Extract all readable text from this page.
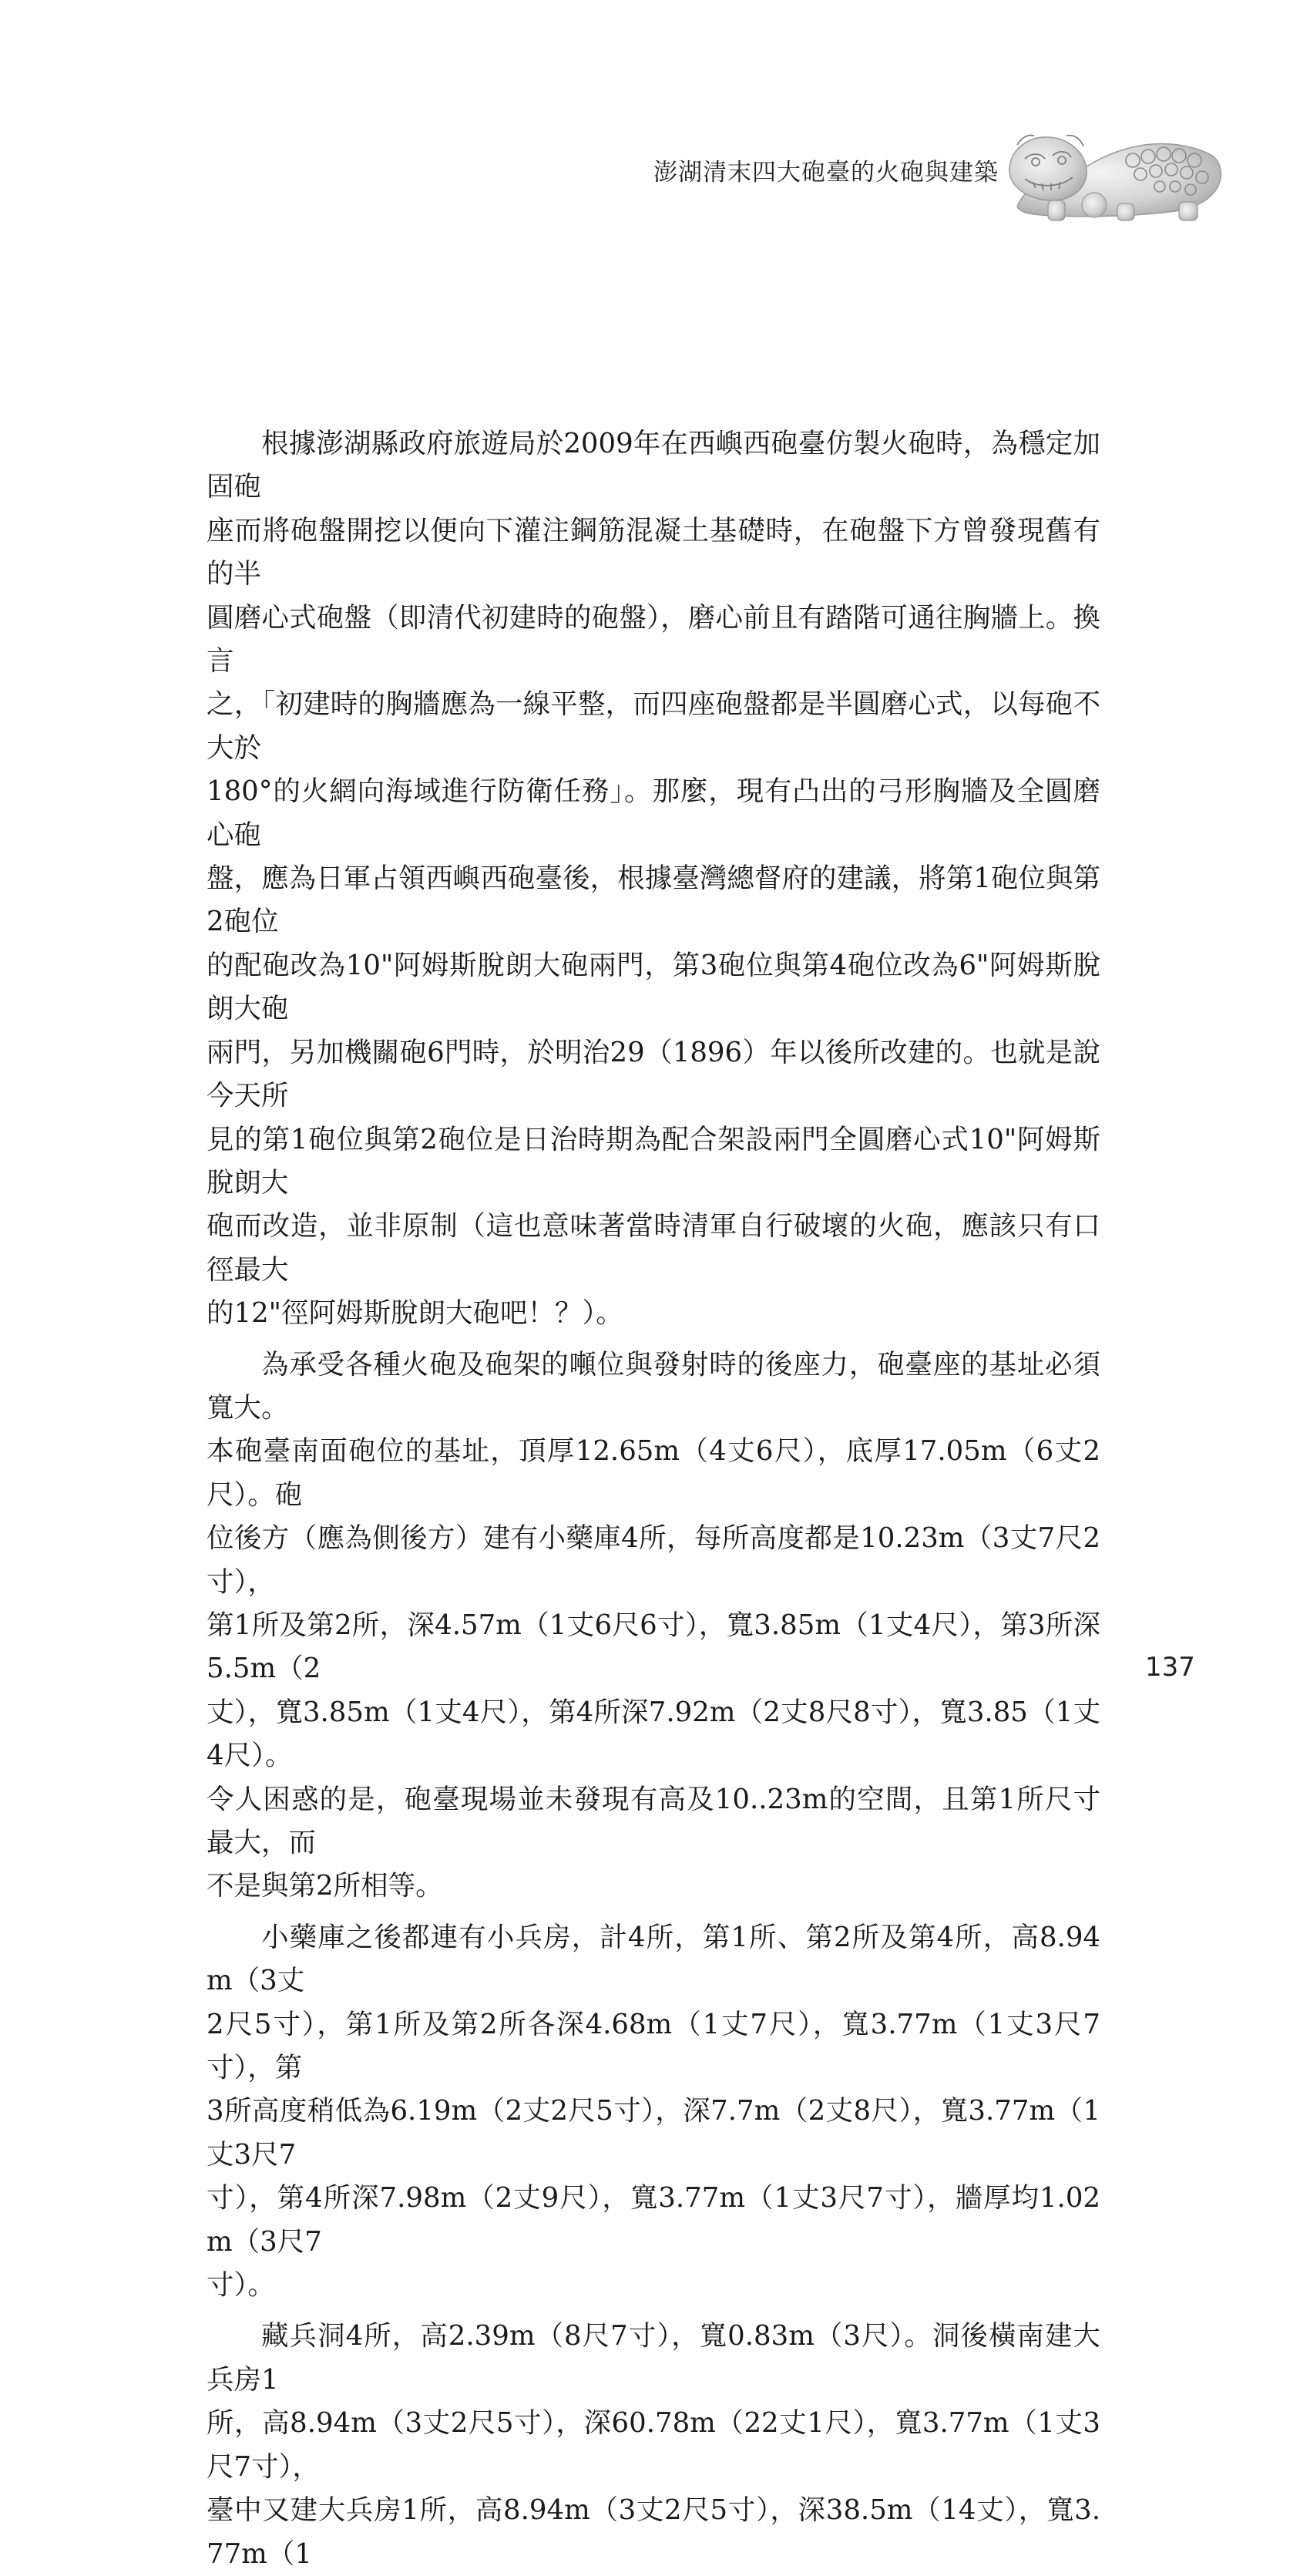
澎湖清末四大砲臺的火砲與建築

根據澎湖縣政府旅遊局於2009年在西嶼西砲臺仿製火砲時，為穩定加固砲
座而將砲盤開挖以便向下灌注鋼筋混凝土基礎時，在砲盤下方曾發現舊有的半
圓磨心式砲盤（即清代初建時的砲盤），磨心前且有踏階可通往胸牆上。換言
之，「初建時的胸牆應為一線平整，而四座砲盤都是半圓磨心式，以每砲不大於
180°的火網向海域進行防衛任務」。那麼，現有凸出的弓形胸牆及全圓磨心砲
盤，應為日軍占領西嶼西砲臺後，根據臺灣總督府的建議，將第1砲位與第2砲位
的配砲改為10"阿姆斯脫朗大砲兩門，第3砲位與第4砲位改為6"阿姆斯脫朗大砲
兩門，另加機關砲6門時，於明治29（1896）年以後所改建的。也就是說今天所
見的第1砲位與第2砲位是日治時期為配合架設兩門全圓磨心式10"阿姆斯脫朗大
砲而改造，並非原制（這也意味著當時清軍自行破壞的火砲，應該只有口徑最大
的12"徑阿姆斯脫朗大砲吧！？）。

為承受各種火砲及砲架的噸位與發射時的後座力，砲臺座的基址必須寬大。
本砲臺南面砲位的基址，頂厚12.65m（4丈6尺），底厚17.05m（6丈2尺）。砲
位後方（應為側後方）建有小藥庫4所，每所高度都是10.23m（3丈7尺2寸），
第1所及第2所，深4.57m（1丈6尺6寸），寬3.85m（1丈4尺），第3所深5.5m（2
丈），寬3.85m（1丈4尺），第4所深7.92m（2丈8尺8寸），寬3.85（1丈4尺）。
令人困惑的是，砲臺現場並未發現有高及10..23m的空間，且第1所尺寸最大，而
不是與第2所相等。

小藥庫之後都連有小兵房，計4所，第1所、第2所及第4所，高8.94m（3丈
2尺5寸），第1所及第2所各深4.68m（1丈7尺），寬3.77m（1丈3尺7寸），第
3所高度稍低為6.19m（2丈2尺5寸），深7.7m（2丈8尺），寬3.77m（1丈3尺7
寸），第4所深7.98m（2丈9尺），寬3.77m（1丈3尺7寸），牆厚均1.02m（3尺7
寸）。

藏兵洞4所，高2.39m（8尺7寸），寬0.83m（3尺）。洞後橫南建大兵房1
所，高8.94m（3丈2尺5寸），深60.78m（22丈1尺），寬3.77m（1丈3尺7寸），
臺中又建大兵房1所，高8.94m（3丈2尺5寸），深38.5m（14丈），寬3.77m（1

137
